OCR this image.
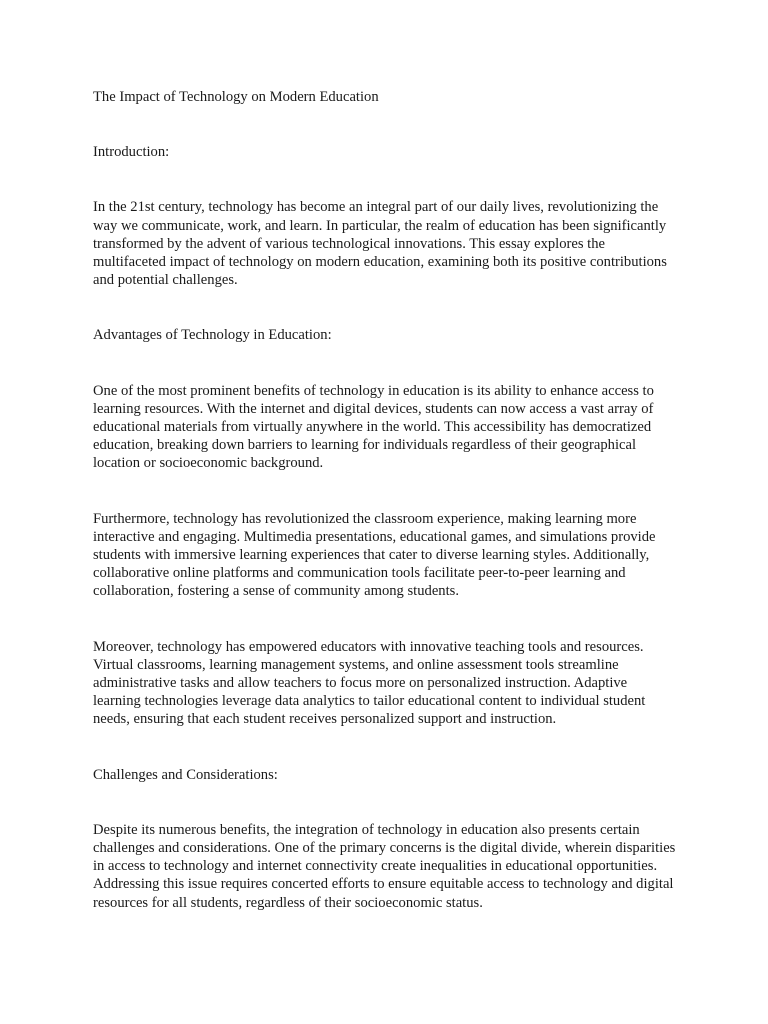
The Impact of Technology on Modern Education

Introduction:

In the 21st century, technology has become an integral part of our daily lives, revolutionizing the way we communicate, work, and learn. In particular, the realm of education has been significantly transformed by the advent of various technological innovations. This essay explores the multifaceted impact of technology on modern education, examining both its positive contributions and potential challenges.

Advantages of Technology in Education:

One of the most prominent benefits of technology in education is its ability to enhance access to learning resources. With the internet and digital devices, students can now access a vast array of educational materials from virtually anywhere in the world. This accessibility has democratized education, breaking down barriers to learning for individuals regardless of their geographical location or socioeconomic background.

Furthermore, technology has revolutionized the classroom experience, making learning more interactive and engaging. Multimedia presentations, educational games, and simulations provide students with immersive learning experiences that cater to diverse learning styles. Additionally, collaborative online platforms and communication tools facilitate peer-to-peer learning and collaboration, fostering a sense of community among students.

Moreover, technology has empowered educators with innovative teaching tools and resources. Virtual classrooms, learning management systems, and online assessment tools streamline administrative tasks and allow teachers to focus more on personalized instruction. Adaptive learning technologies leverage data analytics to tailor educational content to individual student needs, ensuring that each student receives personalized support and instruction.

Challenges and Considerations:

Despite its numerous benefits, the integration of technology in education also presents certain challenges and considerations. One of the primary concerns is the digital divide, wherein disparities in access to technology and internet connectivity create inequalities in educational opportunities. Addressing this issue requires concerted efforts to ensure equitable access to technology and digital resources for all students, regardless of their socioeconomic status.
